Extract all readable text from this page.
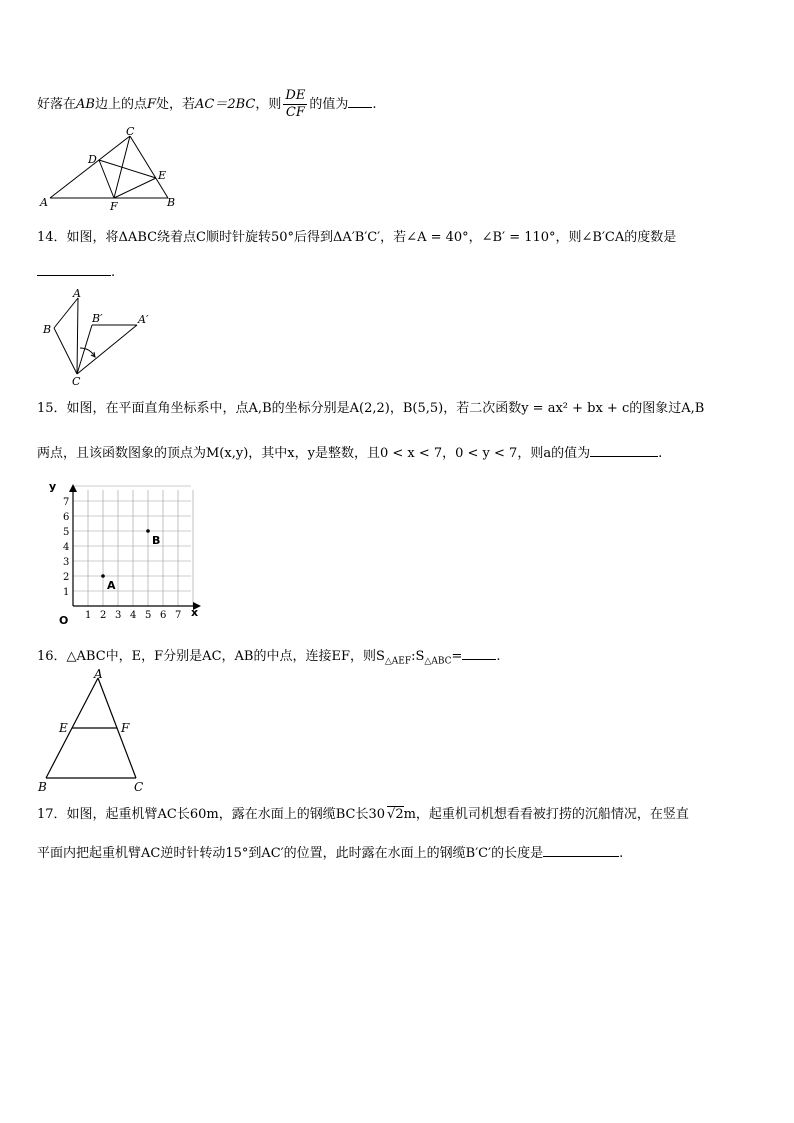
好落在AB边上的点F处，若AC＝2BC，则 $\frac{DE}{CF}$ 的值为 .
A	B
C
D
E
F
14．如图，将ΔABC绕着点C顺时针旋转50°后得到ΔA′B′C′，若∠A = 40°，∠B′ = 110°，则∠B′CA的度数是
.
A
B
C
A′
B′
15．如图，在平面直角坐标系中，点A,B的坐标分别是A(2,2)，B(5,5)，若二次函数y = ax² + bx + c的图象过A,B
两点，且该函数图象的顶点为M(x,y)，其中x，y是整数，且0 < x < 7，0 < y < 7，则a的值为	.
y
x
O 1
1
2
2
3
3
4
4
5
5
6
6
7
7
A
B
16．△ABC中，E，F分别是AC，AB的中点，连接EF，则$S_{\triangle AEF}:S_{\triangle ABC}=$	.
A
E	F
B	C
17．如图，起重机臂AC长60m，露在水面上的钢缆BC长30 √2m，起重机司机想看看被打捞的沉船情况，在竖直
平面内把起重机臂AC逆时针转动15°到AC′的位置，此时露在水面上的钢缆B′C′的长度是	.
